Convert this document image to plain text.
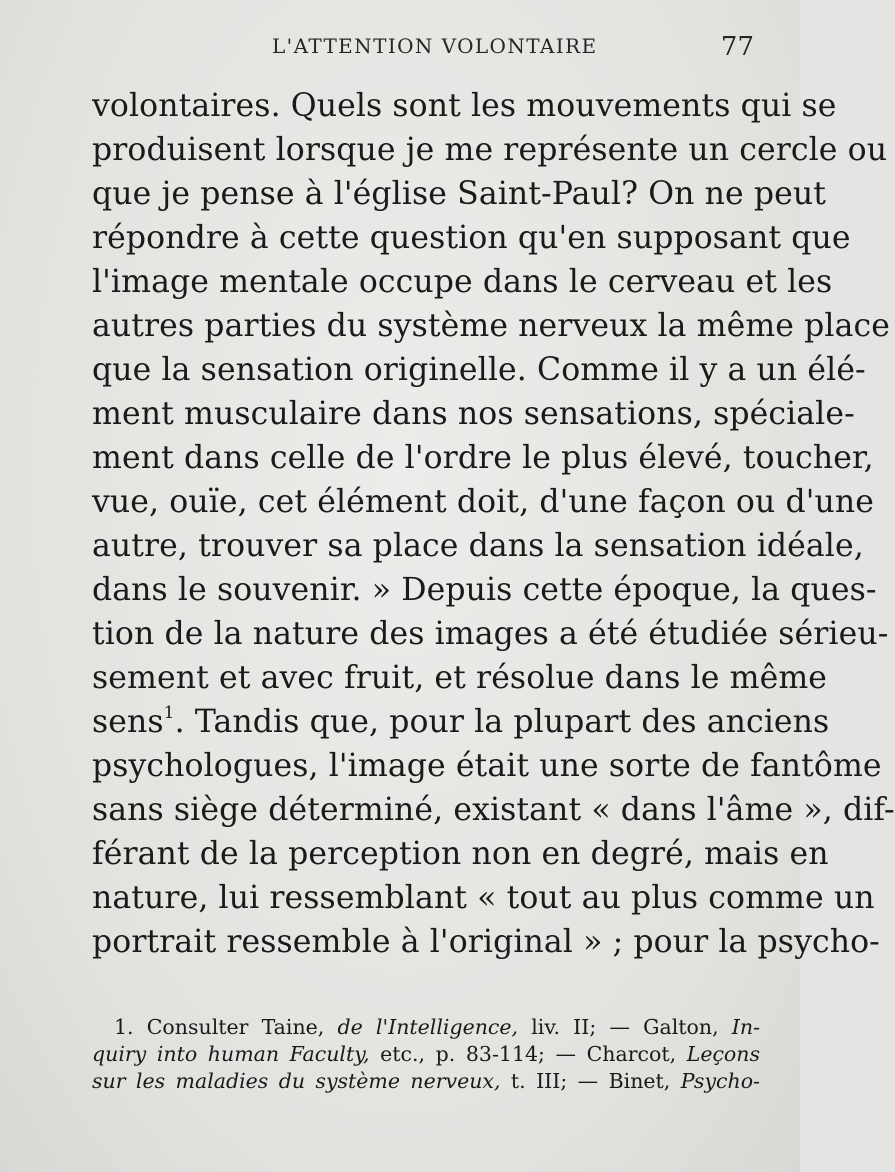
L'ATTENTION VOLONTAIRE	77
volontaires. Quels sont les mouvements qui se
produisent lorsque je me représente un cercle ou
que je pense à l'église Saint-Paul? On ne peut
répondre à cette question qu'en supposant que
l'image mentale occupe dans le cerveau et les
autres parties du système nerveux la même place
que la sensation originelle. Comme il y a un élé-
ment musculaire dans nos sensations, spéciale-
ment dans celle de l'ordre le plus élevé, toucher,
vue, ouïe, cet élément doit, d'une façon ou d'une
autre, trouver sa place dans la sensation idéale,
dans le souvenir. » Depuis cette époque, la ques-
tion de la nature des images a été étudiée sérieu-
sement et avec fruit, et résolue dans le même
sens$^1$. Tandis que, pour la plupart des anciens
psychologues, l'image était une sorte de fantôme
sans siège déterminé, existant « dans l'âme », dif-
férant de la perception non en degré, mais en
nature, lui ressemblant « tout au plus comme un
portrait ressemble à l'original » ; pour la psycho-
1. Consulter Taine, de l'Intelligence, liv. II; — Galton, In-
quiry into human Faculty, etc., p. 83-114; — Charcot, Leçons
sur les maladies du système nerveux, t. III; — Binet, Psycho-
